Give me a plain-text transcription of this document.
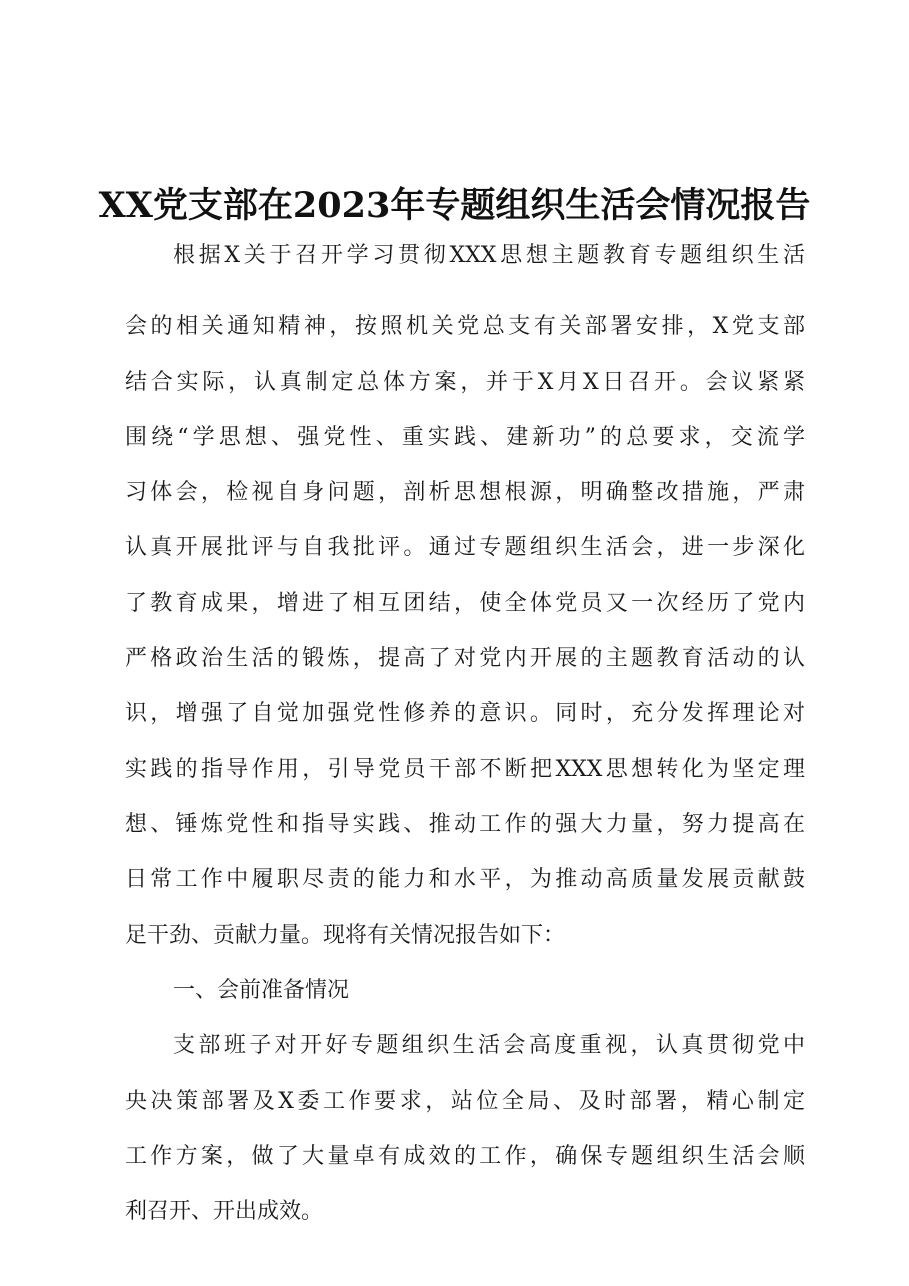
XX党支部在2023年专题组织生活会情况报告
根据X关于召开学习贯彻XXX思想主题教育专题组织生活
会的相关通知精神，按照机关党总支有关部署安排，X党支部
结合实际，认真制定总体方案，并于X月X日召开。会议紧紧
围绕“学思想、强党性、重实践、建新功”的总要求，交流学
习体会，检视自身问题，剖析思想根源，明确整改措施，严肃
认真开展批评与自我批评。通过专题组织生活会，进一步深化
了教育成果，增进了相互团结，使全体党员又一次经历了党内
严格政治生活的锻炼，提高了对党内开展的主题教育活动的认
识，增强了自觉加强党性修养的意识。同时，充分发挥理论对
实践的指导作用，引导党员干部不断把XXX思想转化为坚定理
想、锤炼党性和指导实践、推动工作的强大力量，努力提高在
日常工作中履职尽责的能力和水平，为推动高质量发展贡献鼓
足干劲、贡献力量。现将有关情况报告如下：
一、会前准备情况
支部班子对开好专题组织生活会高度重视，认真贯彻党中
央决策部署及X委工作要求，站位全局、及时部署，精心制定
工作方案，做了大量卓有成效的工作，确保专题组织生活会顺
利召开、开出成效。
